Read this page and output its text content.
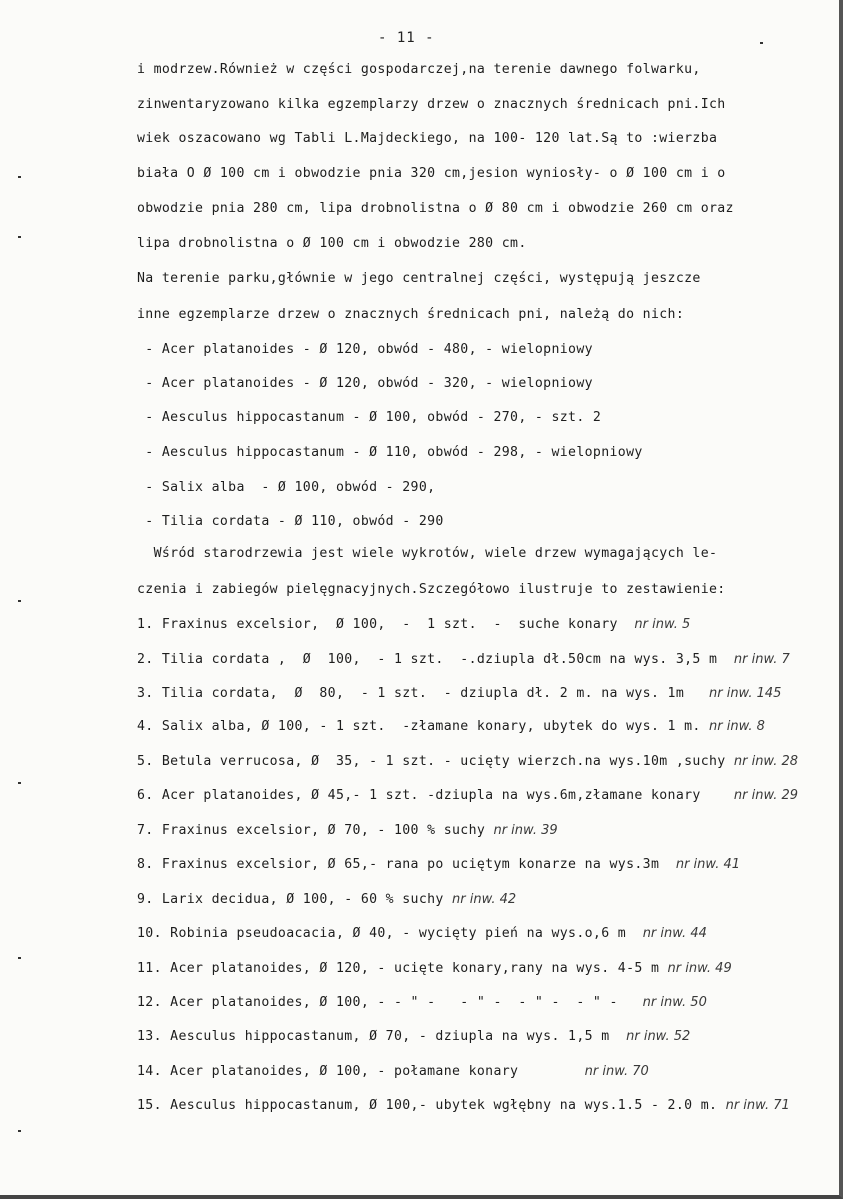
- 11 -
i modrzew.Również w części gospodarczej,na terenie dawnego folwarku,
zinwentaryzowano kilka egzemplarzy drzew o znacznych średnicach pni.Ich
wiek oszacowano wg Tabli L.Majdeckiego, na 100- 120 lat.Są to :wierzba
biała O Ø 100 cm i obwodzie pnia 320 cm,jesion wyniosły- o Ø 100 cm i o
obwodzie pnia 280 cm, lipa drobnolistna o Ø 80 cm i obwodzie 260 cm oraz
lipa drobnolistna o Ø 100 cm i obwodzie 280 cm.
Na terenie parku,głównie w jego centralnej części, występują jeszcze
inne egzemplarze drzew o znacznych średnicach pni, należą do nich:
- Acer platanoides - Ø 120, obwód - 480, - wielopniowy
- Acer platanoides - Ø 120, obwód - 320, - wielopniowy
- Aesculus hippocastanum - Ø 100, obwód - 270, - szt. 2
- Aesculus hippocastanum - Ø 110, obwód - 298, - wielopniowy
- Salix alba  - Ø 100, obwód - 290,
- Tilia cordata - Ø 110, obwód - 290
Wśród starodrzewia jest wiele wykrotów, wiele drzew wymagających le-
czenia i zabiegów pielęgnacyjnych.Szczegółowo ilustruje to zestawienie:
1. Fraxinus excelsior,  Ø 100,  -  1 szt.  -  suche konary nr inw. 5
2. Tilia cordata ,  Ø  100,  - 1 szt.  -.dziupla dł.50cm na wys. 3,5 m nr inw. 7
3. Tilia cordata,  Ø  80,  - 1 szt.  - dziupla dł. 2 m. na wys. 1m nr inw. 145
4. Salix alba, Ø 100, - 1 szt.  -złamane konary, ubytek do wys. 1 m. nr inw. 8
5. Betula verrucosa, Ø  35, - 1 szt. - ucięty wierzch.na wys.10m ,suchy nr inw. 28
6. Acer platanoides, Ø 45,- 1 szt. -dziupla na wys.6m,złamane konary	nr inw. 29
7. Fraxinus excelsior, Ø 70, - 100 % suchy nr inw. 39
8. Fraxinus excelsior, Ø 65,- rana po uciętym konarze na wys.3m nr inw. 41
9. Larix decidua, Ø 100, - 60 % suchy nr inw. 42
10. Robinia pseudoacacia, Ø 40, - wycięty pień na wys.o,6 m nr inw. 44
11. Acer platanoides, Ø 120, - ucięte konary,rany na wys. 4-5 m nr inw. 49
12. Acer platanoides, Ø 100, - - " -   - " -  - " -  - " - nr inw. 50
13. Aesculus hippocastanum, Ø 70, - dziupla na wys. 1,5 m nr inw. 52
14. Acer platanoides, Ø 100, - połamane konary	nr inw. 70
15. Aesculus hippocastanum, Ø 100,- ubytek wgłębny na wys.1.5 - 2.0 m. nr inw. 71
